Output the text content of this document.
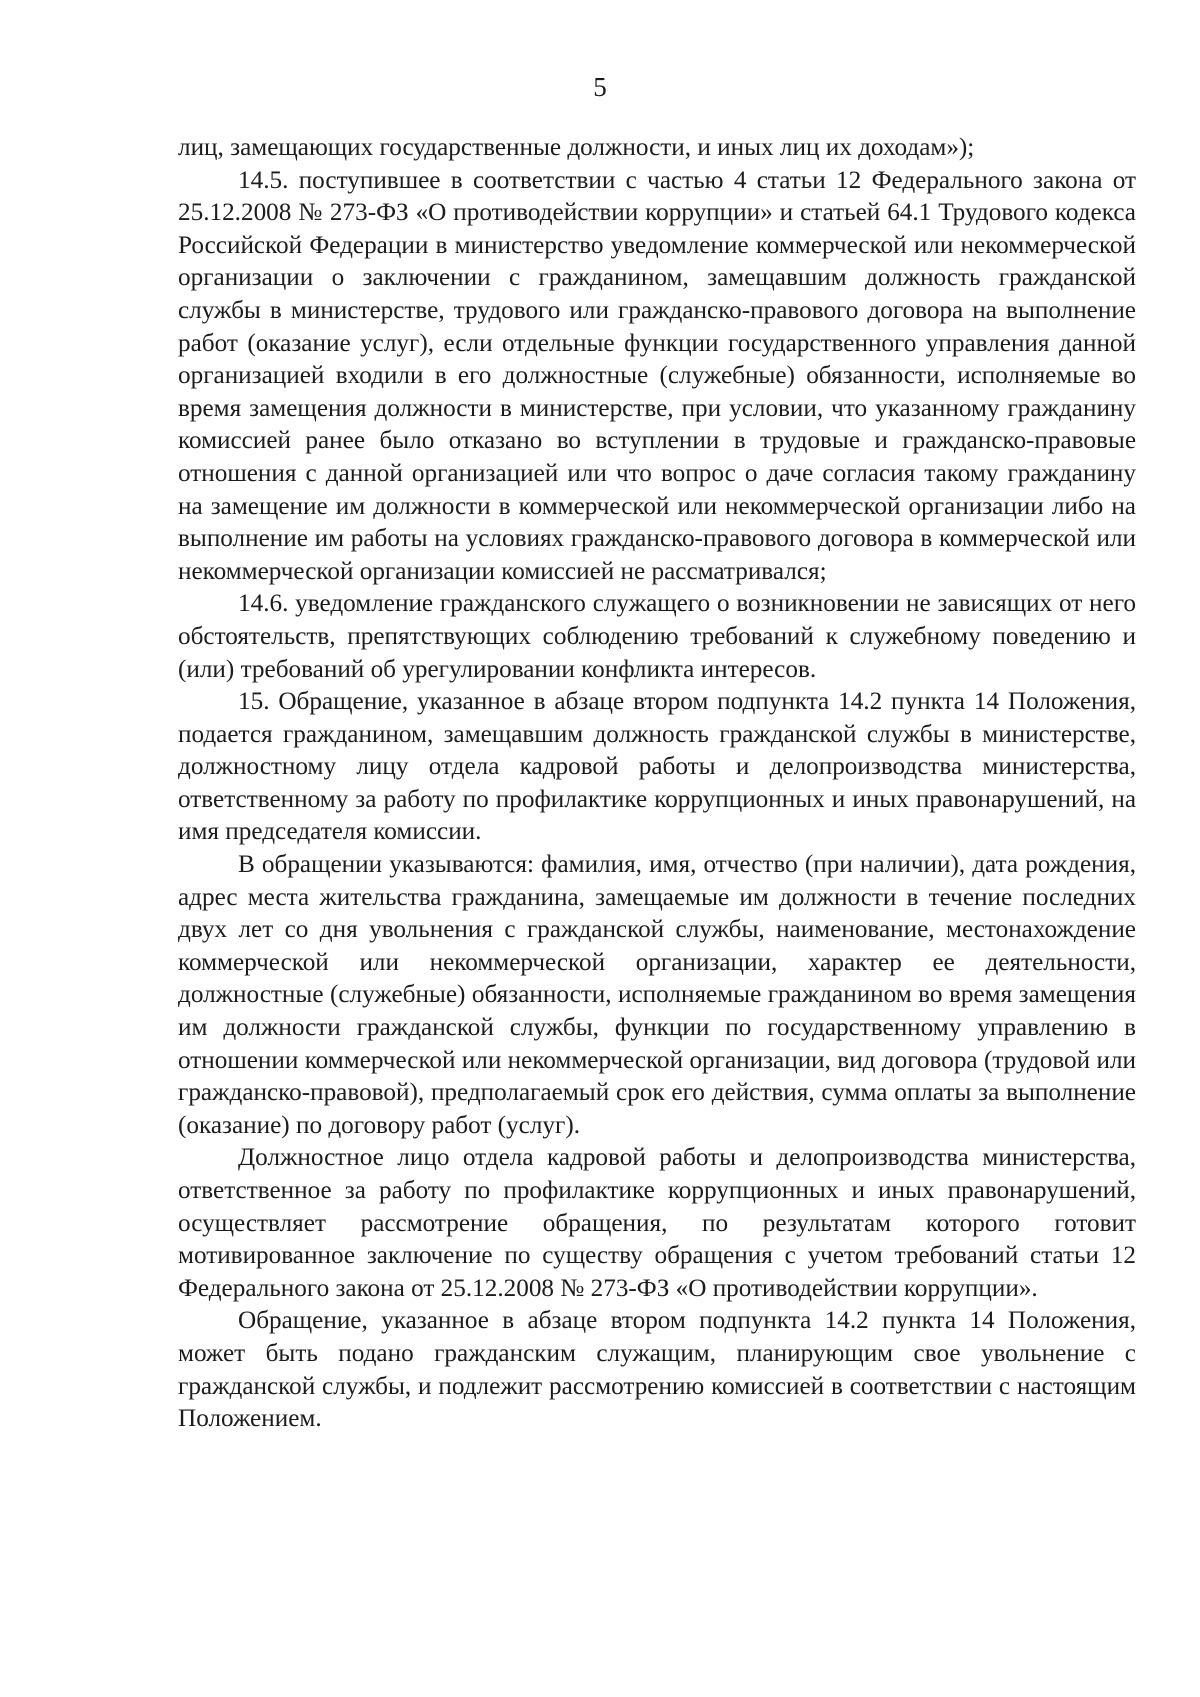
5

лиц, замещающих государственные должности, и иных лиц их доходам»);

14.5. поступившее в соответствии с частью 4 статьи 12 Федерального закона от 25.12.2008 № 273-ФЗ «О противодействии коррупции» и статьей 64.1 Трудового кодекса Российской Федерации в министерство уведомление коммерческой или некоммерческой организации о заключении с гражданином, замещавшим должность гражданской службы в министерстве, трудового или гражданско-правового договора на выполнение работ (оказание услуг), если отдельные функции государственного управления данной организацией входили в его должностные (служебные) обязанности, исполняемые во время замещения должности в министерстве, при условии, что указанному гражданину комиссией ранее было отказано во вступлении в трудовые и гражданско-правовые отношения с данной организацией или что вопрос о даче согласия такому гражданину на замещение им должности в коммерческой или некоммерческой организации либо на выполнение им работы на условиях гражданско-правового договора в коммерческой или некоммерческой организации комиссией не рассматривался;

14.6. уведомление гражданского служащего о возникновении не зависящих от него обстоятельств, препятствующих соблюдению требований к служебному поведению и (или) требований об урегулировании конфликта интересов.

15. Обращение, указанное в абзаце втором подпункта 14.2 пункта 14 Положения, подается гражданином, замещавшим должность гражданской службы в министерстве, должностному лицу отдела кадровой работы и делопроизводства министерства, ответственному за работу по профилактике коррупционных и иных правонарушений, на имя председателя комиссии.

В обращении указываются: фамилия, имя, отчество (при наличии), дата рождения, адрес места жительства гражданина, замещаемые им должности в течение последних двух лет со дня увольнения с гражданской службы, наименование, местонахождение коммерческой или некоммерческой организации, характер ее деятельности, должностные (служебные) обязанности, исполняемые гражданином во время замещения им должности гражданской службы, функции по государственному управлению в отношении коммерческой или некоммерческой организации, вид договора (трудовой или гражданско-правовой), предполагаемый срок его действия, сумма оплаты за выполнение (оказание) по договору работ (услуг).

Должностное лицо отдела кадровой работы и делопроизводства министерства, ответственное за работу по профилактике коррупционных и иных правонарушений, осуществляет рассмотрение обращения, по результатам которого готовит мотивированное заключение по существу обращения с учетом требований статьи 12 Федерального закона от 25.12.2008 № 273-ФЗ «О противодействии коррупции».

Обращение, указанное в абзаце втором подпункта 14.2 пункта 14 Положения, может быть подано гражданским служащим, планирующим свое увольнение с гражданской службы, и подлежит рассмотрению комиссией в соответствии с настоящим Положением.
